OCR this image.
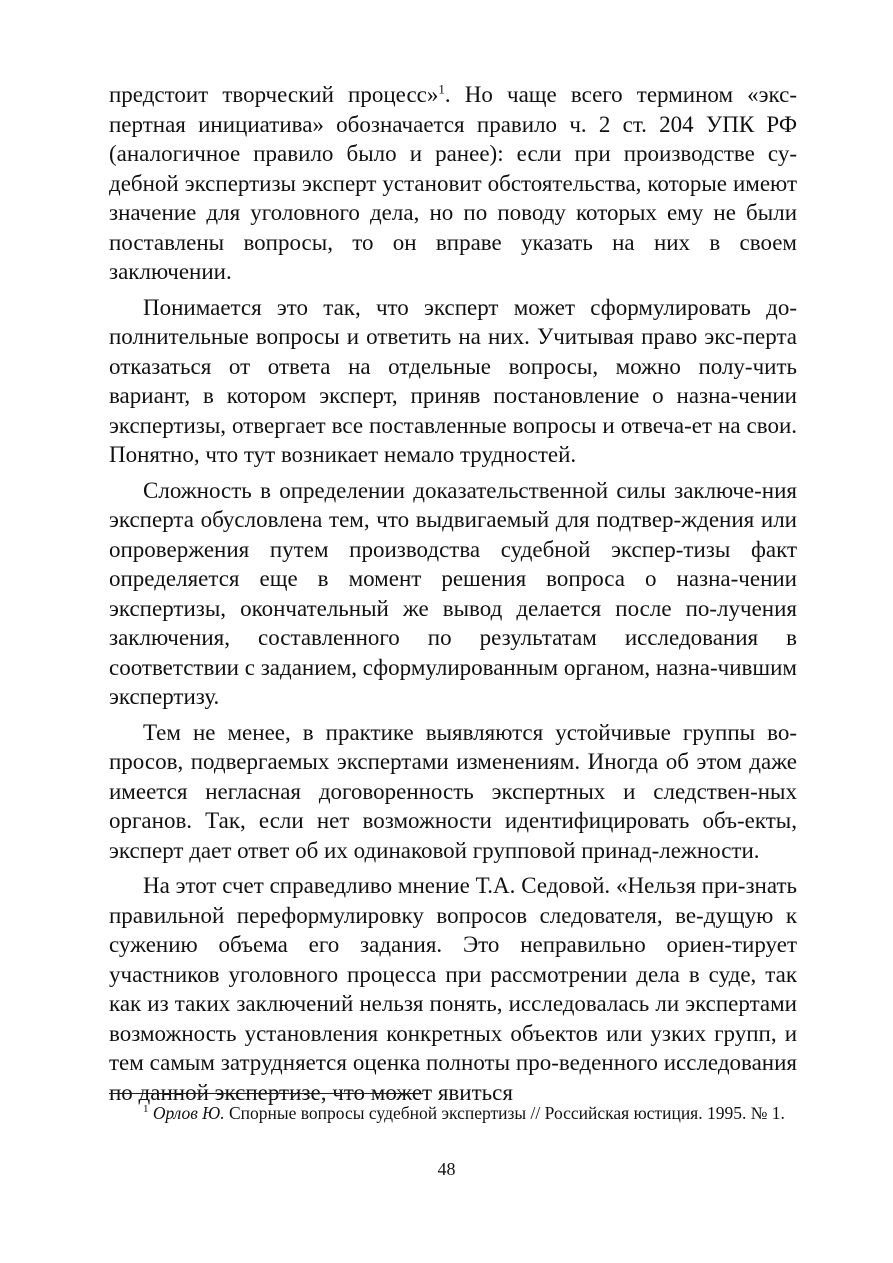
предстоит творческий процесс»$^1$. Но чаще всего термином «экс-пертная инициатива» обозначается правило ч. 2 ст. 204 УПК РФ (аналогичное правило было и ранее): если при производстве су-дебной экспертизы эксперт установит обстоятельства, которые имеют значение для уголовного дела, но по поводу которых ему не были поставлены вопросы, то он вправе указать на них в своем заключении.

Понимается это так, что эксперт может сформулировать до-полнительные вопросы и ответить на них. Учитывая право экс-перта отказаться от ответа на отдельные вопросы, можно полу-чить вариант, в котором эксперт, приняв постановление о назна-чении экспертизы, отвергает все поставленные вопросы и отвеча-ет на свои. Понятно, что тут возникает немало трудностей.

Сложность в определении доказательственной силы заключе-ния эксперта обусловлена тем, что выдвигаемый для подтвер-ждения или опровержения путем производства судебной экспер-тизы факт определяется еще в момент решения вопроса о назна-чении экспертизы, окончательный же вывод делается после по-лучения заключения, составленного по результатам исследования в соответствии с заданием, сформулированным органом, назна-чившим экспертизу.

Тем не менее, в практике выявляются устойчивые группы во-просов, подвергаемых экспертами изменениям. Иногда об этом даже имеется негласная договоренность экспертных и следствен-ных органов. Так, если нет возможности идентифицировать объ-екты, эксперт дает ответ об их одинаковой групповой принад-лежности.

На этот счет справедливо мнение Т.А. Седовой. «Нельзя при-знать правильной переформулировку вопросов следователя, ве-дущую к сужению объема его задания. Это неправильно ориен-тирует участников уголовного процесса при рассмотрении дела в суде, так как из таких заключений нельзя понять, исследовалась ли экспертами возможность установления конкретных объектов или узких групп, и тем самым затрудняется оценка полноты про-веденного исследования по данной экспертизе, что может явиться

$^1$ Орлов Ю. Спорные вопросы судебной экспертизы // Российская юстиция. 1995. № 1.
48
